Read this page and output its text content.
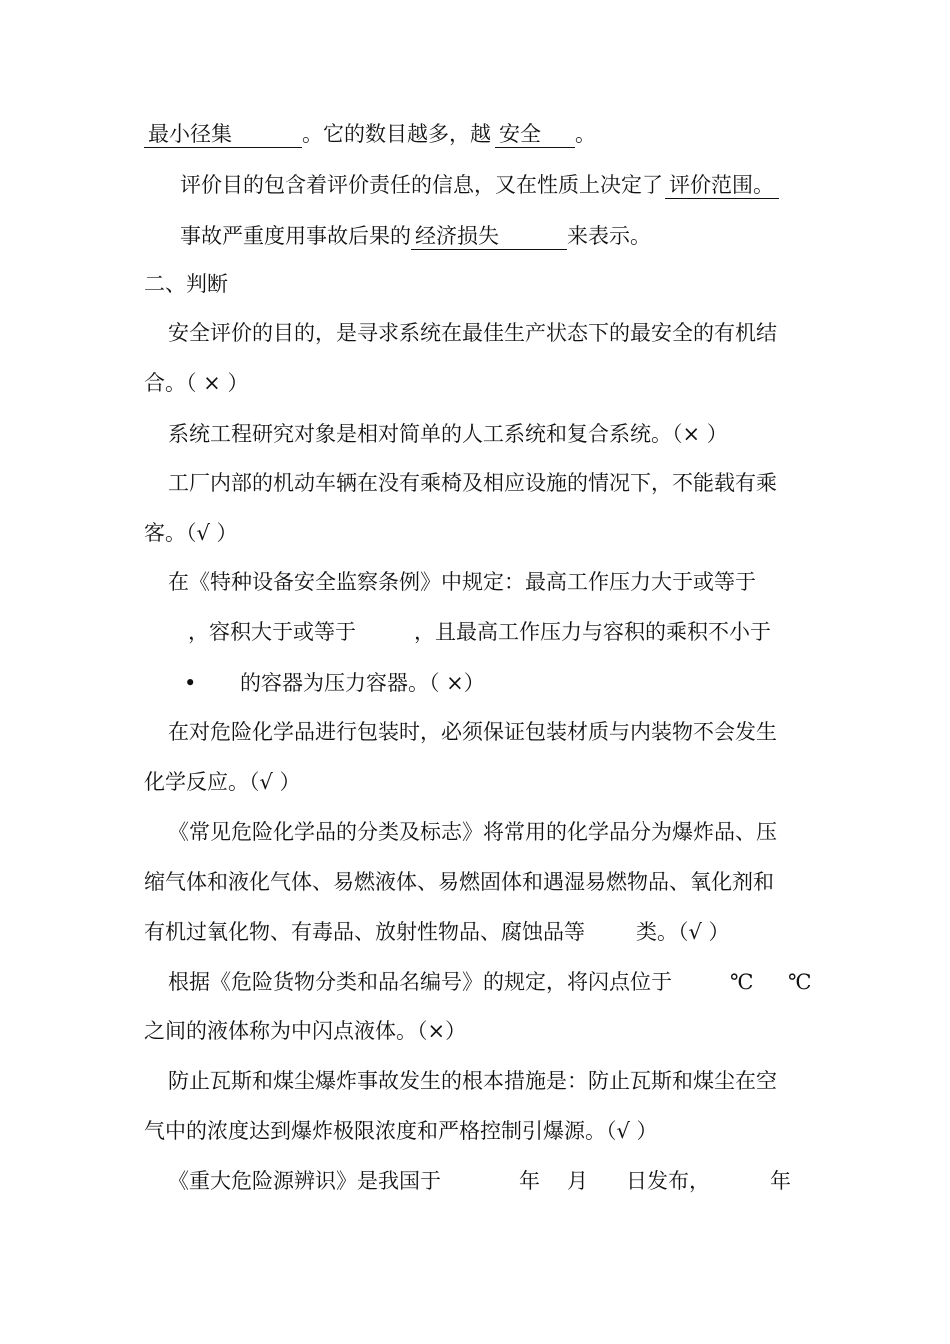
最小径集	。它的数目越多，越 安全 。
评价目的包含着评价责任的信息，又在性质上决定了 评价范围。
事故严重度用事故后果的 经济损失	来表示。
二、判断
安全评价的目的，是寻求系统在最佳生产状态下的最安全的有机结
合。（ × ）
系统工程研究对象是相对简单的人工系统和复合系统。（× ）
工厂内部的机动车辆在没有乘椅及相应设施的情况下，不能载有乘
客。（√ ）
在《特种设备安全监察条例》中规定：最高工作压力大于或等于
，容积大于或等于	，且最高工作压力与容积的乘积不小于
• 的容器为压力容器。（ ×）
在对危险化学品进行包装时，必须保证包装材质与内装物不会发生
化学反应。（√ ）
《常见危险化学品的分类及标志》将常用的化学品分为爆炸品、压
缩气体和液化气体、易燃液体、易燃固体和遇湿易燃物品、氧化剂和
有机过氧化物、有毒品、放射性物品、腐蚀品等 类。（√ ）
根据《危险货物分类和品名编号》的规定，将闪点位于	℃ ℃
之间的液体称为中闪点液体。（×）
防止瓦斯和煤尘爆炸事故发生的根本措施是：防止瓦斯和煤尘在空
气中的浓度达到爆炸极限浓度和严格控制引爆源。（√ ）
《重大危险源辨识》是我国于	年 月 日发布，	年
